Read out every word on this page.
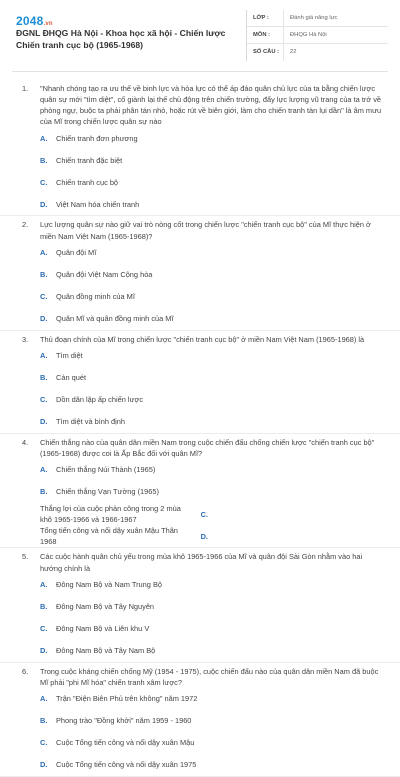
2048.vn
ĐGNL ĐHQG Hà Nội - Khoa học xã hội - Chiến lược Chiến tranh cục bộ (1965-1968)
LỚP :	Đánh giá năng lực
MÔN :	ĐHQG Hà Nội
SỐ CÂU :	22
1.	"Nhanh chóng tạo ra ưu thế về binh lực và hỏa lực có thể áp đảo quân chủ lực của ta bằng chiến lược quân sự mới "tìm diệt", cố giành lại thế chủ động trên chiến trường, đẩy lực lượng vũ trang của ta trở về phòng ngự, buộc ta phải phân tán nhỏ, hoặc rút về biên giới, làm cho chiến tranh tàn lụi dần" là âm mưu của Mĩ trong chiến lược quân sự nào
A.	Chiến tranh đơn phương
B.	Chiến tranh đặc biệt
C.	Chiến tranh cục bộ
D.	Việt Nam hóa chiến tranh
2.	Lực lượng quân sự nào giữ vai trò nòng cốt trong chiến lược "chiến tranh cục bộ" của Mĩ thực hiện ở miền Nam Việt Nam (1965-1968)?
A.	Quân đội Mĩ
B.	Quân đội Việt Nam Cộng hòa
C.	Quân đồng minh của Mĩ
D.	Quân Mĩ và quân đồng minh của Mĩ
3.	Thủ đoạn chính của Mĩ trong chiến lược "chiến tranh cục bộ" ở miền Nam Việt Nam (1965-1968) là
A.	Tìm diệt
B.	Càn quét
C.	Dồn dân lập ấp chiến lược
D.	Tìm diệt và bình định
4.	Chiến thắng nào của quân dân miền Nam trong cuộc chiến đấu chống chiến lược "chiến tranh cục bộ" (1965-1968) được coi là Ấp Bắc đối với quân Mĩ?
A.	Chiến thắng Núi Thành (1965)
B.	Chiến thắng Vạn Tường (1965)
C.
Thắng lợi của cuộc phản công trong 2 mùa khô 1965-1966 và 1966-1967
D.
Tổng tiến công và nổi dậy xuân Mậu Thân 1968
5.	Các cuộc hành quân chủ yếu trong mùa khô 1965-1966 của Mĩ và quân đội Sài Gòn nhằm vào hai hướng chính là
A.	Đông Nam Bộ và Nam Trung Bộ
B.	Đông Nam Bộ và Tây Nguyên
C.	Đông Nam Bộ và Liên khu V
D.	Đông Nam Bộ và Tây Nam Bộ
6.	Trong cuộc kháng chiến chống Mỹ (1954 - 1975), cuộc chiến đấu nào của quân dân miền Nam đã buộc Mĩ phải "phi Mĩ hóa" chiến tranh xâm lược?
A.	Trận "Điện Biên Phủ trên không" năm 1972
B.	Phong trào "Đồng khởi" năm 1959 - 1960
C.	Cuộc Tổng tiến công và nổi dậy xuân Mậu
D.	Cuộc Tổng tiến công và nổi dậy xuân 1975
